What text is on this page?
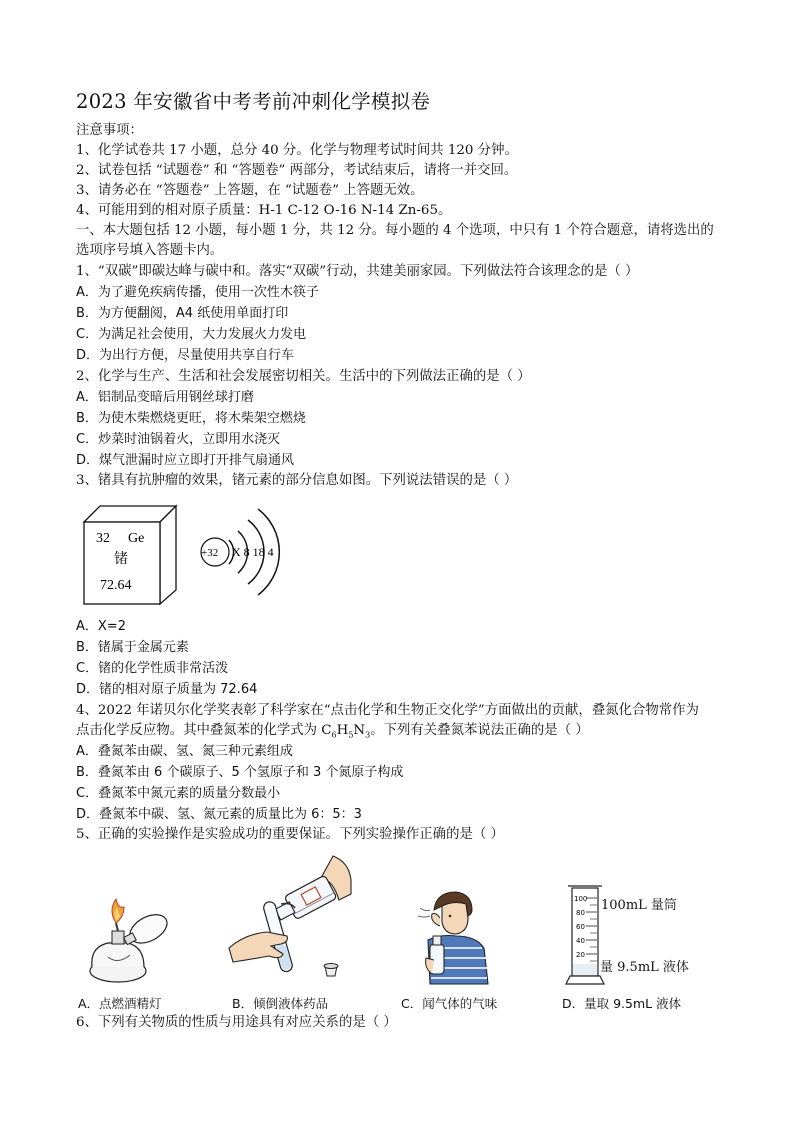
2023 年安徽省中考考前冲刺化学模拟卷
注意事项：
1、化学试卷共 17 小题，总分 40 分。化学与物理考试时间共 120 分钟。
2、试卷包括 “试题卷” 和 “答题卷” 两部分，考试结束后，请将一并交回。
3、请务必在 “答题卷” 上答题，在 “试题卷” 上答题无效。
4、可能用到的相对原子质量：H-1 C-12 O-16 N-14 Zn-65。
一、本大题包括 12 小题，每小题 1 分，共 12 分。每小题的 4 个选项，中只有 1 个符合题意，请将选出的
选项序号填入答题卡内。
1、“双碳”即碳达峰与碳中和。落实“双碳”行动，共建美丽家园。下列做法符合该理念的是（ ）
A．为了避免疾病传播，使用一次性木筷子
B．为方便翻阅，A4 纸使用单面打印
C．为满足社会使用，大力发展火力发电
D．为出行方便，尽量使用共享自行车
2、化学与生产、生活和社会发展密切相关。生活中的下列做法正确的是（ ）
A．铝制品变暗后用钢丝球打磨
B．为使木柴燃烧更旺，将木柴架空燃烧
C．炒菜时油锅着火，立即用水浇灭
D．煤气泄漏时应立即打开排气扇通风
3、锗具有抗肿瘤的效果，锗元素的部分信息如图。下列说法错误的是（ ）
32 Ge
锗
72.64
+32 X 8 18 4
A．X=2
B．锗属于金属元素
C．锗的化学性质非常活泼
D．锗的相对原子质量为 72.64
4、2022 年诺贝尔化学奖表彰了科学家在“点击化学和生物正交化学”方面做出的贡献，叠氮化合物常作为
点击化学反应物。其中叠氮苯的化学式为 $C_6H_5N_3$。下列有关叠氮苯说法正确的是（ ）
A．叠氮苯由碳、氢、氮三种元素组成
B．叠氮苯由 6 个碳原子、5 个氢原子和 3 个氮原子构成
C．叠氮苯中氮元素的质量分数最小
D．叠氮苯中碳、氢、氮元素的质量比为 6：5：3
5、正确的实验操作是实验成功的重要保证。下列实验操作正确的是（ ）
100
80
60
40
20
100mL 量筒
量 9.5mL 液体
A．点燃酒精灯	B．倾倒液体药品	C．闻气体的气味	D．量取 9.5mL 液体
6、下列有关物质的性质与用途具有对应关系的是（ ）
